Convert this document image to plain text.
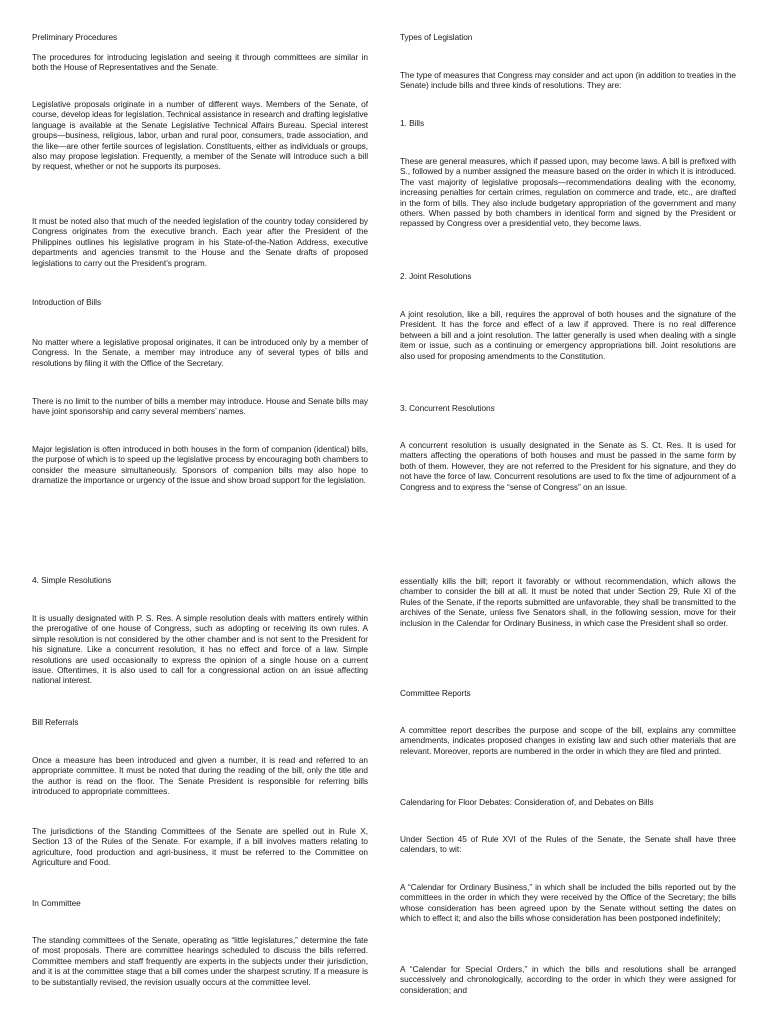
Preliminary Procedures

The procedures for introducing legislation and seeing it through committees are similar in both the House of Representatives and the Senate.

Legislative proposals originate in a number of different ways. Members of the Senate, of course, develop ideas for legislation. Technical assistance in research and drafting legislative language is available at the Senate Legislative Technical Affairs Bureau. Special interest groups—business, religious, labor, urban and rural poor, consumers, trade association, and the like—are other fertile sources of legislation. Constituents, either as individuals or groups, also may propose legislation. Frequently, a member of the Senate will introduce such a bill by request, whether or not he supports its purposes.

It must be noted also that much of the needed legislation of the country today considered by Congress originates from the executive branch. Each year after the President of the Philippines outlines his legislative program in his State-of-the-Nation Address, executive departments and agencies transmit to the House and the Senate drafts of proposed legislations to carry out the President’s program.

Introduction of Bills

No matter where a legislative proposal originates, it can be introduced only by a member of Congress. In the Senate, a member may introduce any of several types of bills and resolutions by filing it with the Office of the Secretary.

There is no limit to the number of bills a member may introduce. House and Senate bills may have joint sponsorship and carry several members’ names.

Major legislation is often introduced in both houses in the form of companion (identical) bills, the purpose of which is to speed up the legislative process by encouraging both chambers to consider the measure simultaneously. Sponsors of companion bills may also hope to dramatize the importance or urgency of the issue and show broad support for the legislation.

Types of Legislation

The type of measures that Congress may consider and act upon (in addition to treaties in the Senate) include bills and three kinds of resolutions. They are:

1. Bills

These are general measures, which if passed upon, may become laws. A bill is prefixed with S., followed by a number assigned the measure based on the order in which it is introduced. The vast majority of legislative proposals—recommendations dealing with the economy, increasing penalties for certain crimes, regulation on commerce and trade, etc., are drafted in the form of bills. They also include budgetary appropriation of the government and many others. When passed by both chambers in identical form and signed by the President or repassed by Congress over a presidential veto, they become laws.

2. Joint Resolutions

A joint resolution, like a bill, requires the approval of both houses and the signature of the President. It has the force and effect of a law if approved. There is no real difference between a bill and a joint resolution. The latter generally is used when dealing with a single item or issue, such as a continuing or emergency appropriations bill. Joint resolutions are also used for proposing amendments to the Constitution.

3. Concurrent Resolutions

A concurrent resolution is usually designated in the Senate as S. Ct. Res. It is used for matters affecting the operations of both houses and must be passed in the same form by both of them. However, they are not referred to the President for his signature, and they do not have the force of law. Concurrent resolutions are used to fix the time of adjournment of a Congress and to express the “sense of Congress” on an issue.

4. Simple Resolutions

It is usually designated with P. S. Res. A simple resolution deals with matters entirely within the prerogative of one house of Congress, such as adopting or receiving its own rules. A simple resolution is not considered by the other chamber and is not sent to the President for his signature. Like a concurrent resolution, it has no effect and force of a law. Simple resolutions are used occasionally to express the opinion of a single house on a current issue. Oftentimes, it is also used to call for a congressional action on an issue affecting national interest.

Bill Referrals

Once a measure has been introduced and given a number, it is read and referred to an appropriate committee. It must be noted that during the reading of the bill, only the title and the author is read on the floor. The Senate President is responsible for referring bills introduced to appropriate committees.

The jurisdictions of the Standing Committees of the Senate are spelled out in Rule X, Section 13 of the Rules of the Senate. For example, if a bill involves matters relating to agriculture, food production and agri-business, it must be referred to the Committee on Agriculture and Food.

In Committee

The standing committees of the Senate, operating as “little legislatures,” determine the fate of most proposals. There are committee hearings scheduled to discuss the bills referred. Committee members and staff frequently are experts in the subjects under their jurisdiction, and it is at the committee stage that a bill comes under the sharpest scrutiny. If a measure is to be substantially revised, the revision usually occurs at the committee level.

essentially kills the bill; report it favorably or without recommendation, which allows the chamber to consider the bill at all. It must be noted that under Section 29, Rule XI of the Rules of the Senate, if the reports submitted are unfavorable, they shall be transmitted to the archives of the Senate, unless five Senators shall, in the following session, move for their inclusion in the Calendar for Ordinary Business, in which case the President shall so order.

Committee Reports

A committee report describes the purpose and scope of the bill, explains any committee amendments, indicates proposed changes in existing law and such other materials that are relevant. Moreover, reports are numbered in the order in which they are filed and printed.

Calendaring for Floor Debates: Consideration of, and Debates on Bills

Under Section 45 of Rule XVI of the Rules of the Senate, the Senate shall have three calendars, to wit:

A “Calendar for Ordinary Business,” in which shall be included the bills reported out by the committees in the order in which they were received by the Office of the Secretary; the bills whose consideration has been agreed upon by the Senate without setting the dates on which to effect it; and also the bills whose consideration has been postponed indefinitely;

A “Calendar for Special Orders,” in which the bills and resolutions shall be arranged successively and chronologically, according to the order in which they were assigned for consideration; and
